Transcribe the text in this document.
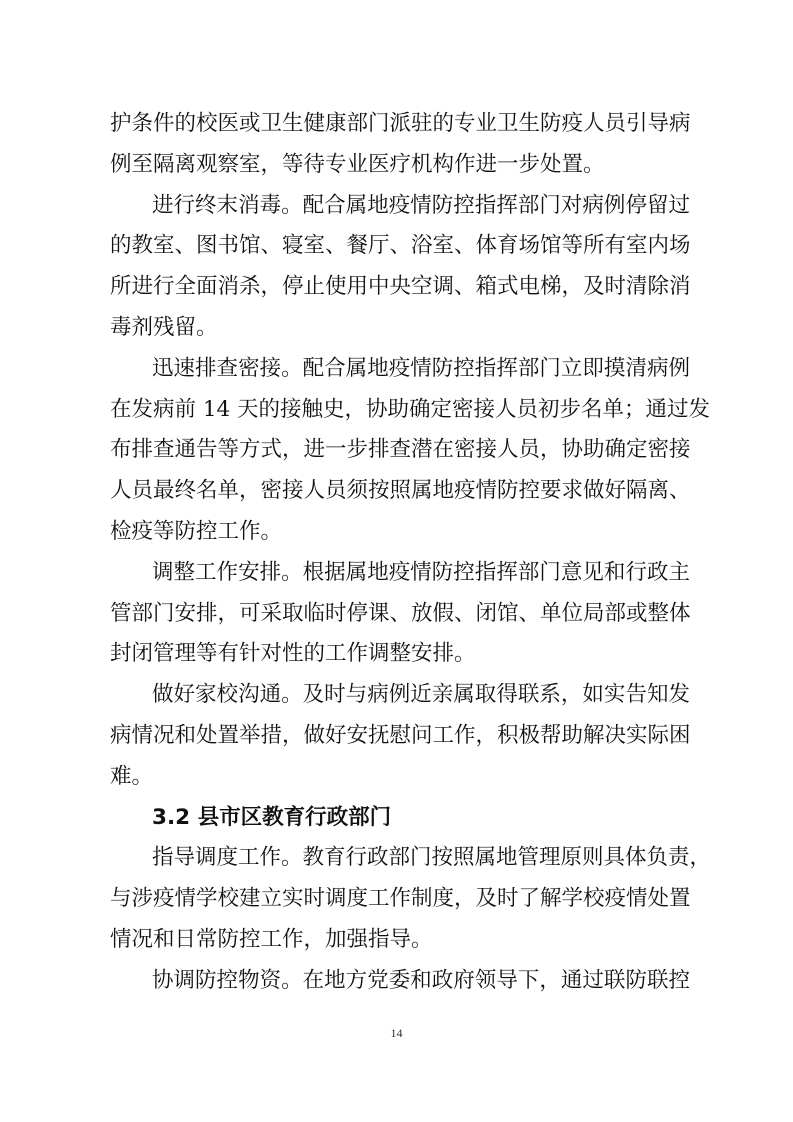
护条件的校医或卫生健康部门派驻的专业卫生防疫人员引导病
例至隔离观察室，等待专业医疗机构作进一步处置。
进行终末消毒。配合属地疫情防控指挥部门对病例停留过
的教室、图书馆、寝室、餐厅、浴室、体育场馆等所有室内场
所进行全面消杀，停止使用中央空调、箱式电梯，及时清除消
毒剂残留。
迅速排查密接。配合属地疫情防控指挥部门立即摸清病例
在发病前 14 天的接触史，协助确定密接人员初步名单；通过发
布排查通告等方式，进一步排查潜在密接人员，协助确定密接
人员最终名单，密接人员须按照属地疫情防控要求做好隔离、
检疫等防控工作。
调整工作安排。根据属地疫情防控指挥部门意见和行政主
管部门安排，可采取临时停课、放假、闭馆、单位局部或整体
封闭管理等有针对性的工作调整安排。
做好家校沟通。及时与病例近亲属取得联系，如实告知发
病情况和处置举措，做好安抚慰问工作，积极帮助解决实际困
难。
3.2 县市区教育行政部门
指导调度工作。教育行政部门按照属地管理原则具体负责，
与涉疫情学校建立实时调度工作制度，及时了解学校疫情处置
情况和日常防控工作，加强指导。
协调防控物资。在地方党委和政府领导下，通过联防联控
14
